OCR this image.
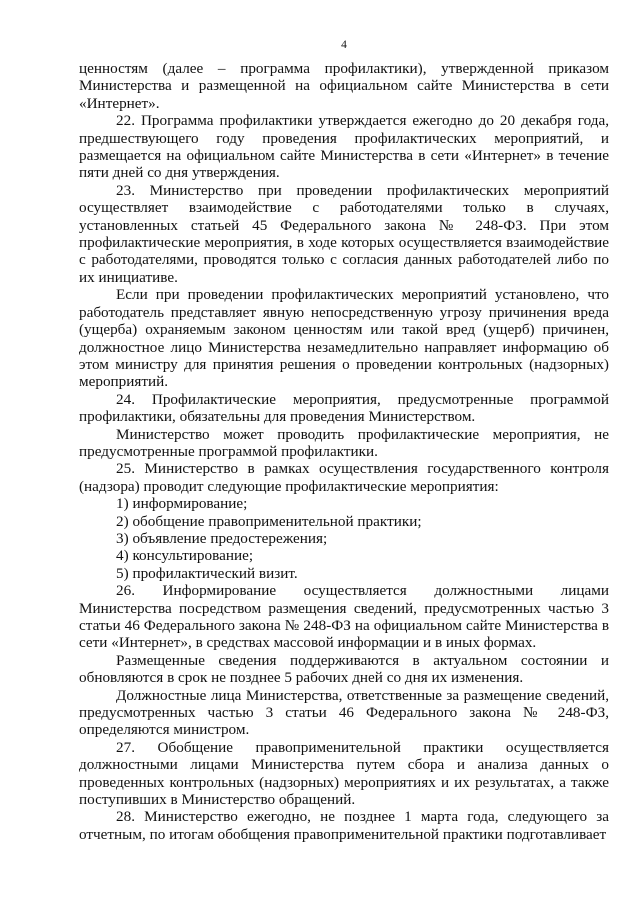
4

ценностям (далее – программа профилактики), утвержденной приказом Министерства и размещенной на официальном сайте Министерства в сети «Интернет».

22. Программа профилактики утверждается ежегодно до 20 декабря года, предшествующего году проведения профилактических мероприятий, и размещается на официальном сайте Министерства в сети «Интернет» в течение пяти дней со дня утверждения.

23. Министерство при проведении профилактических мероприятий осуществляет взаимодействие с работодателями только в случаях, установленных статьей 45 Федерального закона № 248-ФЗ. При этом профилактические мероприятия, в ходе которых осуществляется взаимодействие с работодателями, проводятся только с согласия данных работодателей либо по их инициативе.

Если при проведении профилактических мероприятий установлено, что работодатель представляет явную непосредственную угрозу причинения вреда (ущерба) охраняемым законом ценностям или такой вред (ущерб) причинен, должностное лицо Министерства незамедлительно направляет информацию об этом министру для принятия решения о проведении контрольных (надзорных) мероприятий.

24. Профилактические мероприятия, предусмотренные программой профилактики, обязательны для проведения Министерством.

Министерство может проводить профилактические мероприятия, не предусмотренные программой профилактики.

25. Министерство в рамках осуществления государственного контроля (надзора) проводит следующие профилактические мероприятия:

1) информирование;

2) обобщение правоприменительной практики;

3) объявление предостережения;

4) консультирование;

5) профилактический визит.

26. Информирование осуществляется должностными лицами Министерства посредством размещения сведений, предусмотренных частью 3 статьи 46 Федерального закона № 248-ФЗ на официальном сайте Министерства в сети «Интернет», в средствах массовой информации и в иных формах.

Размещенные сведения поддерживаются в актуальном состоянии и обновляются в срок не позднее 5 рабочих дней со дня их изменения.

Должностные лица Министерства, ответственные за размещение сведений, предусмотренных частью 3 статьи 46 Федерального закона № 248-ФЗ, определяются министром.

27. Обобщение правоприменительной практики осуществляется должностными лицами Министерства путем сбора и анализа данных о проведенных контрольных (надзорных) мероприятиях и их результатах, а также поступивших в Министерство обращений.

28. Министерство ежегодно, не позднее 1 марта года, следующего за отчетным, по итогам обобщения правоприменительной практики подготавливает
